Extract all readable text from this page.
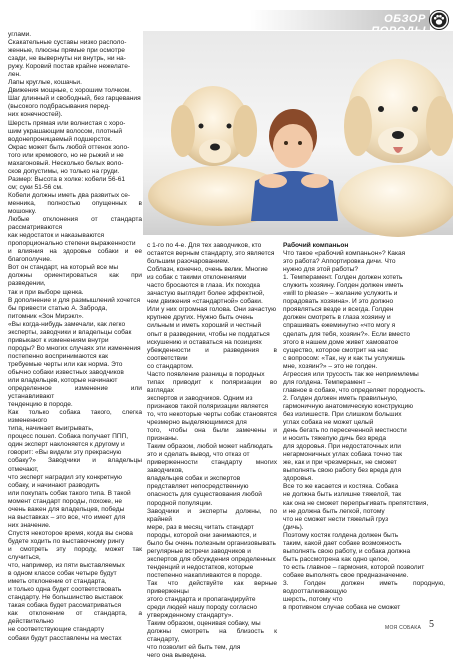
ОБЗОР

углами.

Скакательные суставы низко располо-

женные, плюсны прямые при осмотре

сзади, не вывернуты ни внутрь, ни на-

ружу. Коровий постав крайне нежелате-

лен.

Лапы круглые, кошачьи.

Движения мощные, с хорошим толчком.

Шаг длинный и свободный, без гарцевания

(высокого подбрасывания перед-

них конечностей).

Шерсть прямая или волнистая с хоро-

шим украшающим волосом, плотный

водонепроницаемый подшерсток.

Окрас может быть любой оттенок золо-

того или кремового, но не рыжий и не

махагоновый. Несколько белых воло-

сков допустимы, но только на груди.

Размер: Высота в холке: кобели 56-61

см; суки 51-56 см.

Кобели должны иметь два развитых се-

менника, полностью опущенных в мошонку.

Любые отклонения от стандарта рассматриваются

как недостаток и наказываются

пропорционально степени выраженности

и влияния на здоровье собаки и ее благополучие.

Вот он стандарт, на который все мы

должны ориентироваться как при разведении,

так и при выборе щенка.

В дополнение и для размышлений хочется

бы привести статью А. Заброда,

питомник «Зон Мирэкл».

«Вы когда-нибудь замечали, как легко

эксперты, заводчики и владельцы собак

привыкают к изменениям внутри

породы? Во многих случаях эти изменения

постепенно воспринимаются как

требуемые черты или как норма. Это

обычно собаки известных заводчиков

или владельцев, которые начинают

определенное изменение или устанавливают

тенденцию в породе.

Как только собака такого, слегка измененного

типа, начинает выигрывать,

процесс пошел. Собака получает ППП,

один эксперт наклоняется к другому и

говорит: «Вы видели эту прекрасную

собаку?» Заводчики и владельцы отмечают,

что эксперт наградил эту конкретную

собаку, и начинают разводить

или покупать собак такого типа. В такой

момент стандарт породы, похоже, не

очень важен для владельцев, победы

на выставках – это все, что имеет для

них значение.

Спустя некоторое время, когда вы снова

будете ходить по выставочному рингу

и смотреть эту породу, может так случиться,

что, например, из пяти выставляемых

в одном классе собак четыре будут

иметь отклонение от стандарта,

и только одна будет соответствовать

стандарту. Не большинство выставок

такая собака будет рассматриваться

как отклонение от стандарта, а действительно

не соответствующие стандарту

собаки будут расставлены на местах

с 1-го по 4-е. Для тех заводчиков, кто

остается верным стандарту, это является

большим разочарованием.

Соблазн, конечно, очень велик. Многие

из собак с такими отклонениями

часто бросаются в глаза. Их походка

зачастую выглядит более эффектной,

чем движения «стандартной» собаки.

Или у них огромная голова. Они зачастую

крупнее других. Нужно быть очень

сильным и иметь хороший и честный

опыт в разведении, чтобы не поддаться

искушению и оставаться на позициях

убежденности и разведения в соответствии

со стандартом.

Часто появление разницы в породных

типах приводит к поляризации во взглядах

экспертов и заводчиков. Одним из

признаков такой поляризации является

то, что некоторые черты собак становятся

чрезмерно выделяющимися для

того, чтобы она были замечены и признаны.

Таким образом, любой может наблюдать

это и сделать вывод, что отказ от

приверженности стандарту многих заводчиков,

владельцев собак и экспертов

представляет непосредственную

опасность для существования любой

породной популяции.

Заводчики и эксперты должны, по крайней

мере, раз в месяц читать стандарт

породы, которой они занимаются, и

было бы очень полезным организовывать

регулярные встречи заводчиков и

экспертов для обсуждения определенных

тенденций и недостатков, которые

постепенно накапливаются в породе.

Так что действуйте как верные приверженцы

этого стандарта и пропагандируйте

среди людей нашу породу согласно

утвержденному стандарту».

Таким образом, оценивая собаку, мы

должны смотреть на близость к стандарту,

что позволит ей быть тем, для

чего она выведена.

Рабочий компаньон

Что такое «рабочий компаньон»? Какая

это работа? Аппортировка дичи. Что

нужно для этой работы?

1. Темперамент. Голден должен хотеть

служить хозяину. Голден должен иметь

«will to please» – желание услужить и

порадовать хозяина». И это должно

проявляться везде и всегда. Голден

должен смотреть в глаза хозяину и

спрашивать ежеминутно «что могу я

сделать для тебя, хозяин?». Если вместо

этого в нашем доме живет хамоватое

существо, которое смотрит на нас

с вопросом: «Так, ну и как ты услужишь

мне, хозяин?» – это не голден.

Агрессия или трусость так же неприемлемы

для голдена. Темперамент –

главное в собаке, что определяет породность.

2. Голден должен иметь правильную,

гармоничную анатомическую конструкцию

без излишеств. При слишком больших

углах собака не может целый

день бегать по пересеченной местности

и носить тяжелую дичь без вреда

для здоровья. При недостаточных или

негармоничных углах собака точно так

же, как и при чрезмерных, не сможет

выполнять свою работу без вреда для

здоровья.

Все то же касается и костяка. Собака

не должна быть излишне тяжелой, так

как она не сможет перепрыгивать препятствия,

и не должна быть легкой, потому

что не сможет нести тяжелый груз

(дичь).

Поэтому костяк голдена должен быть

таким, какой дает собаке возможность

выполнять свою работу, и собака должна

быть рассмотрена как одно целое,

то есть главное – гармония, которой позволит

собаке выполнять свое предназначение.

3. Голден должен иметь породную, водоотталкивающую

шерсть, потому что

в противном случае собака не сможет

МОЯ СОБАКА 5
